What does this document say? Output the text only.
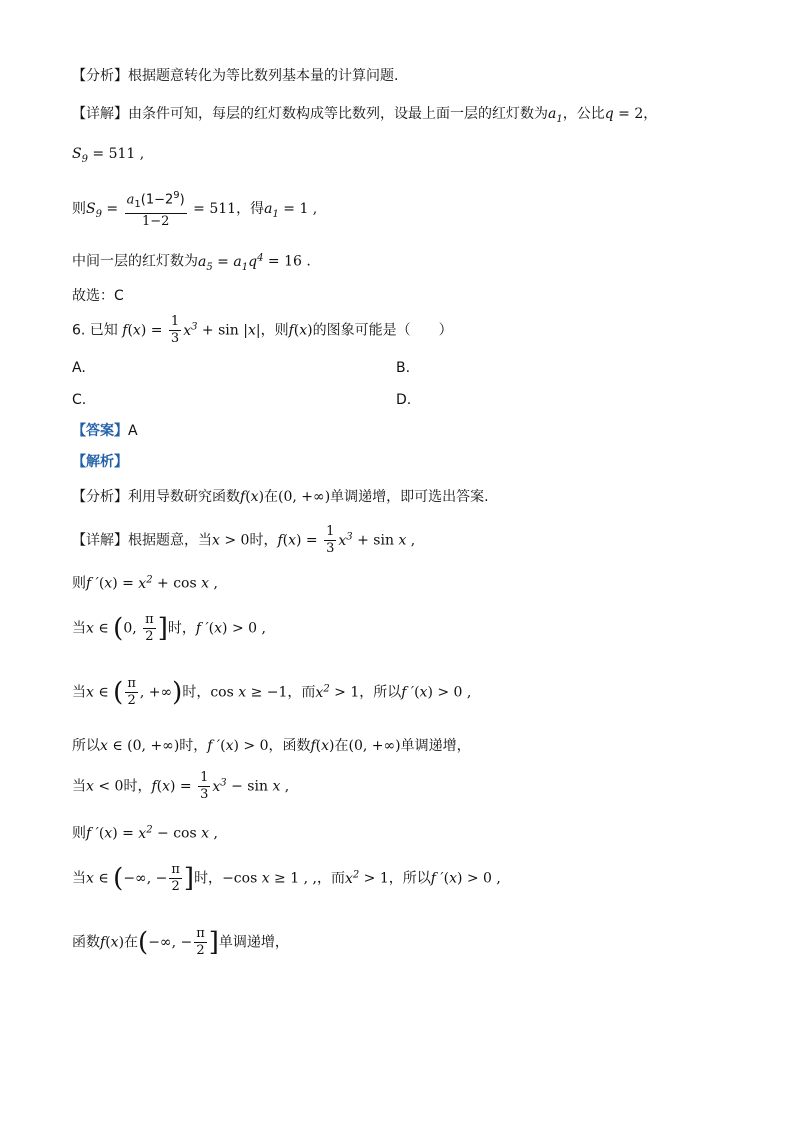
【分析】根据题意转化为等比数列基本量的计算问题.
【详解】由条件可知，每层的红灯数构成等比数列，设最上面一层的红灯数为$a_1$，公比q = 2，
$S_9 = 511$ ,
则$S_9 = \frac{a_1(1-2^9)}{1-2} = 511$，得$a_1 = 1$ ,
中间一层的红灯数为$a_5 = a_1q^4 = 16$ .
故选：C
6. 已知 $f(x) = \frac{1}{3} x^3 + \sin |x|$，则f(x)的图象可能是（　　）
A.	B.
C.	D.
【答案】A
【解析】
【分析】利用导数研究函数f(x)在(0, +∞)单调递增，即可选出答案.
【详解】根据题意，当x > 0时，$f(x) = \frac{1}{3} x^3 + \sin x$ ,
则f $'(x) = x^2 + \cos x$ ,
当x ∈ (0, $\frac{\pi}{2}$ ]时，f ′(x) > 0 ,
当x ∈ ( $\frac{\pi}{2}$ , +∞)时，cos x ≥ −1，而$x^2 > 1$，所以f ′(x) > 0 ,
所以x ∈ (0, +∞)时，f ′(x) > 0，函数f(x)在(0, +∞)单调递增，
当x < 0时，$f(x) = \frac{1}{3} x^3 - \sin x$ ,
则f $'(x) = x^2 - \cos x$ ,
当x ∈ (−∞, − $\frac{\pi}{2}$ ]时，−cos x ≥ 1 , ,，而$x^2 > 1$，所以f ′(x) > 0 ,
函数f(x)在(−∞, − $\frac{\pi}{2}$ ]单调递增，
